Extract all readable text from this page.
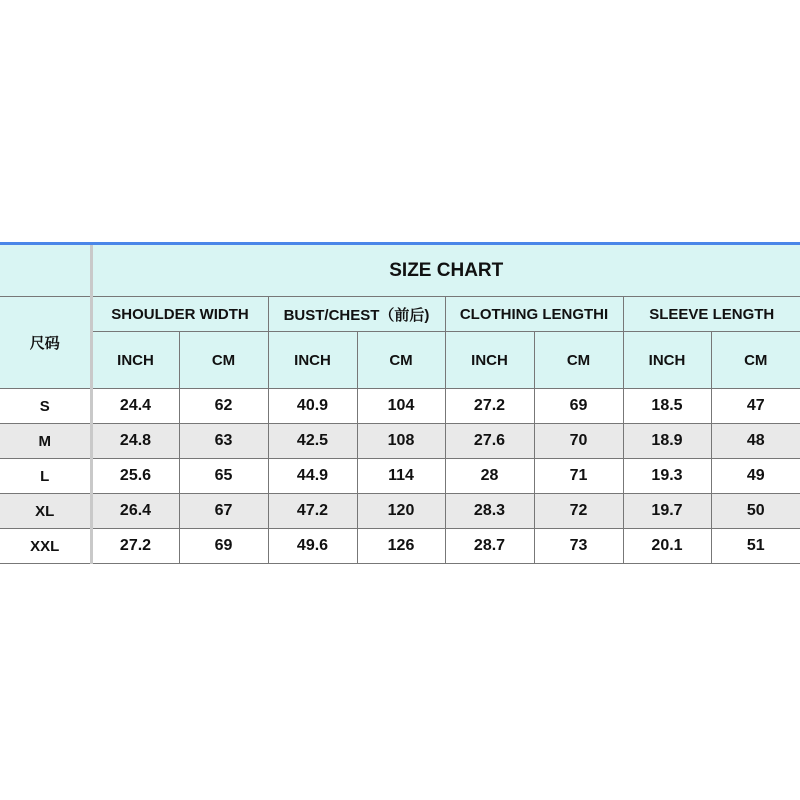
	SIZE CHART							
尺码	SHOULDER WIDTH		BUST/CHEST（前后)		CLOTHING LENGTHI		SLEEVE LENGTH	
	INCH	CM	INCH	CM	INCH	CM	INCH	CM
S	24.4	62	40.9	104	27.2	69	18.5	47
M	24.8	63	42.5	108	27.6	70	18.9	48
L	25.6	65	44.9	114	28	71	19.3	49
XL	26.4	67	47.2	120	28.3	72	19.7	50
XXL	27.2	69	49.6	126	28.7	73	20.1	51
